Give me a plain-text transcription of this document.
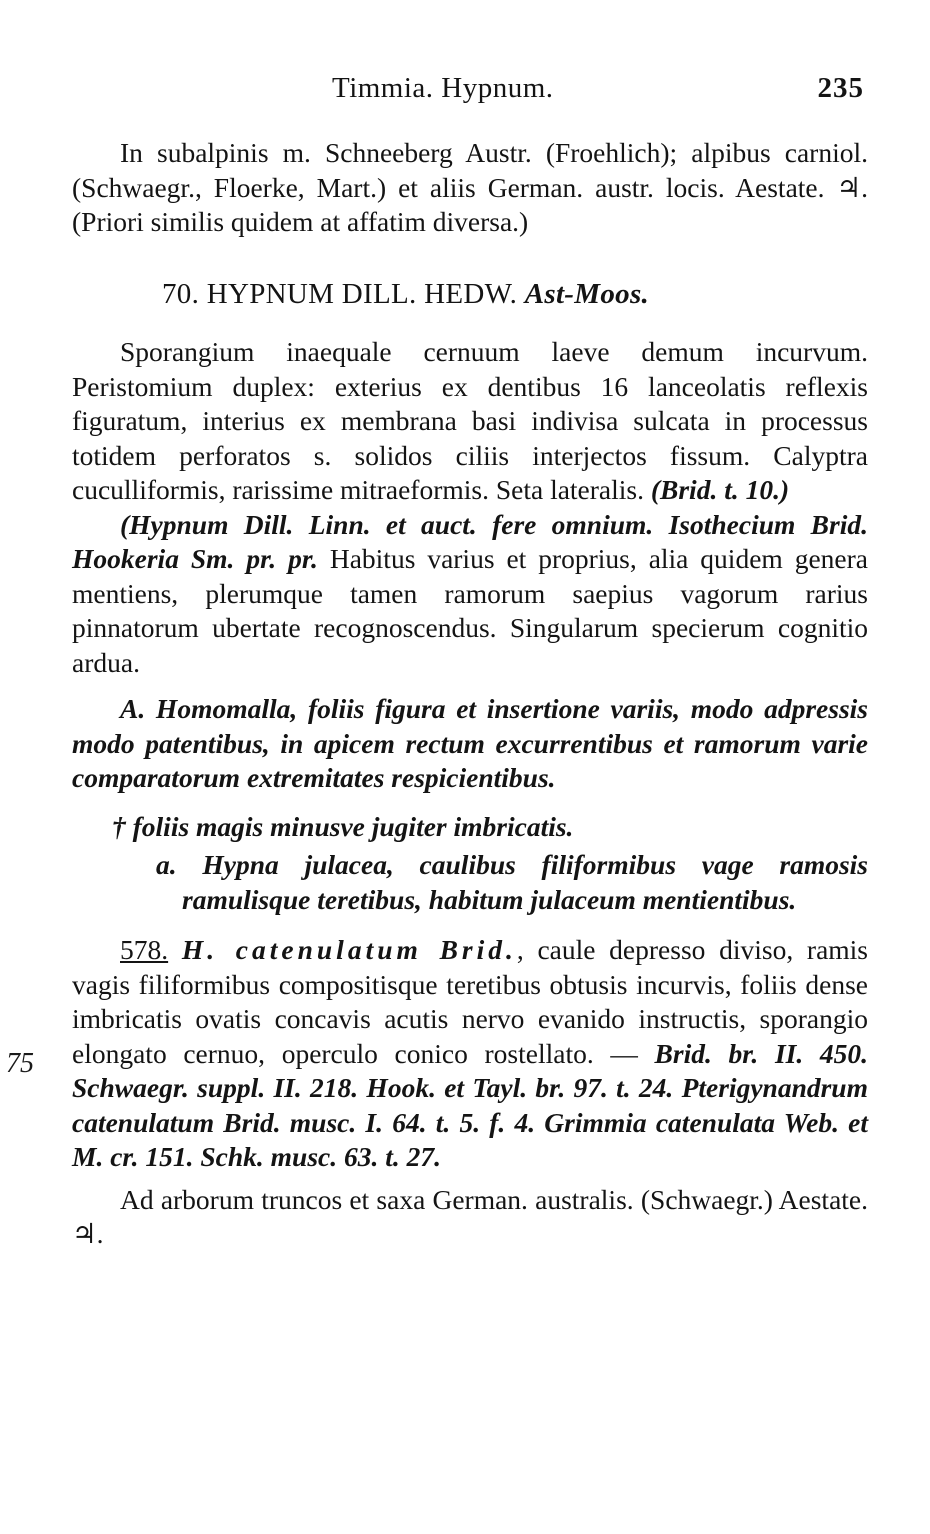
Timmia. Hypnum.	235
75

In subalpinis m. Schneeberg Austr. (Froehlich); alpibus carniol. (Schwaegr., Floerke, Mart.) et aliis German. austr. locis. Aestate. ♃. (Priori similis quidem at affatim diversa.)

70. HYPNUM DILL. HEDW. Ast-Moos.

Sporangium inaequale cernuum laeve demum incurvum. Peristomium duplex: exterius ex dentibus 16 lanceolatis reflexis figuratum, interius ex membrana basi indivisa sulcata in processus totidem perforatos s. solidos ciliis interjectos fissum. Calyptra cuculliformis, rarissime mitraeformis. Seta lateralis. (Brid. t. 10.)

(Hypnum Dill. Linn. et auct. fere omnium. Isothecium Brid. Hookeria Sm. pr. pr. Habitus varius et proprius, alia quidem genera mentiens, plerumque tamen ramorum saepius vagorum rarius pinnatorum ubertate recognoscendus. Singularum specierum cognitio ardua.

A. Homomalla, foliis figura et insertione variis, modo adpressis modo patentibus, in apicem rectum excurrentibus et ramorum varie comparatorum extremitates respicientibus.

† foliis magis minusve jugiter imbricatis.

a. Hypna julacea, caulibus filiformibus vage ramosis ramulisque teretibus, habitum julaceum mentientibus.

578. H. catenulatum Brid., caule depresso diviso, ramis vagis filiformibus compositisque teretibus obtusis incurvis, foliis dense imbricatis ovatis concavis acutis nervo evanido instructis, sporangio elongato cernuo, operculo conico rostellato. — Brid. br. II. 450. Schwaegr. suppl. II. 218. Hook. et Tayl. br. 97. t. 24. Pterigynandrum catenulatum Brid. musc. I. 64. t. 5. f. 4. Grimmia catenulata Web. et M. cr. 151. Schk. musc. 63. t. 27.

Ad arborum truncos et saxa German. australis. (Schwaegr.) Aestate. ♃.
